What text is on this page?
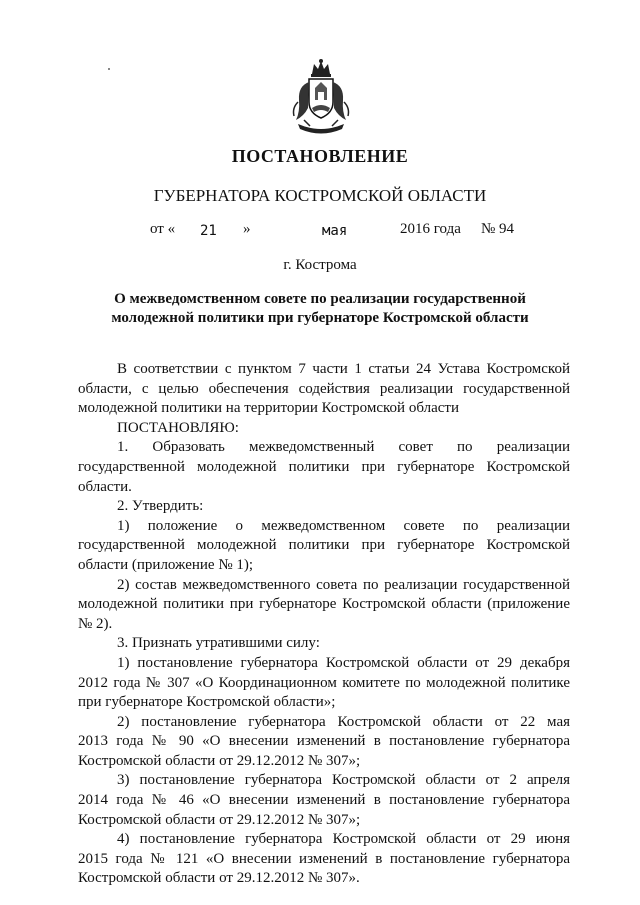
ПОСТАНОВЛЕНИЕ
ГУБЕРНАТОРА КОСТРОМСКОЙ ОБЛАСТИ
от « 21 »	мая	2016 года № 94
г. Кострома
О межведомственном совете по реализации государственной
молодежной политики при губернаторе Костромской области

В соответствии с пунктом 7 части 1 статьи 24 Устава Костромской

области, с целью обеспечения содействия реализации государственной

молодежной политики на территории Костромской области

ПОСТАНОВЛЯЮ:

1. Образовать межведомственный совет по реализации

государственной молодежной политики при губернаторе Костромской

области.

2. Утвердить:

1) положение о межведомственном совете по реализации

государственной молодежной политики при губернаторе Костромской

области (приложение № 1);

2) состав межведомственного совета по реализации государственной

молодежной политики при губернаторе Костромской области (приложение

№ 2).

3. Признать утратившими силу:

1) постановление губернатора Костромской области от 29 декабря

2012 года № 307 «О Координационном комитете по молодежной политике

при губернаторе Костромской области»;

2) постановление губернатора Костромской области от 22 мая

2013 года № 90 «О внесении изменений в постановление губернатора

Костромской области от 29.12.2012 № 307»;

3) постановление губернатора Костромской области от 2 апреля

2014 года № 46 «О внесении изменений в постановление губернатора

Костромской области от 29.12.2012 № 307»;

4) постановление губернатора Костромской области от 29 июня

2015 года № 121 «О внесении изменений в постановление губернатора

Костромской области от 29.12.2012 № 307».
